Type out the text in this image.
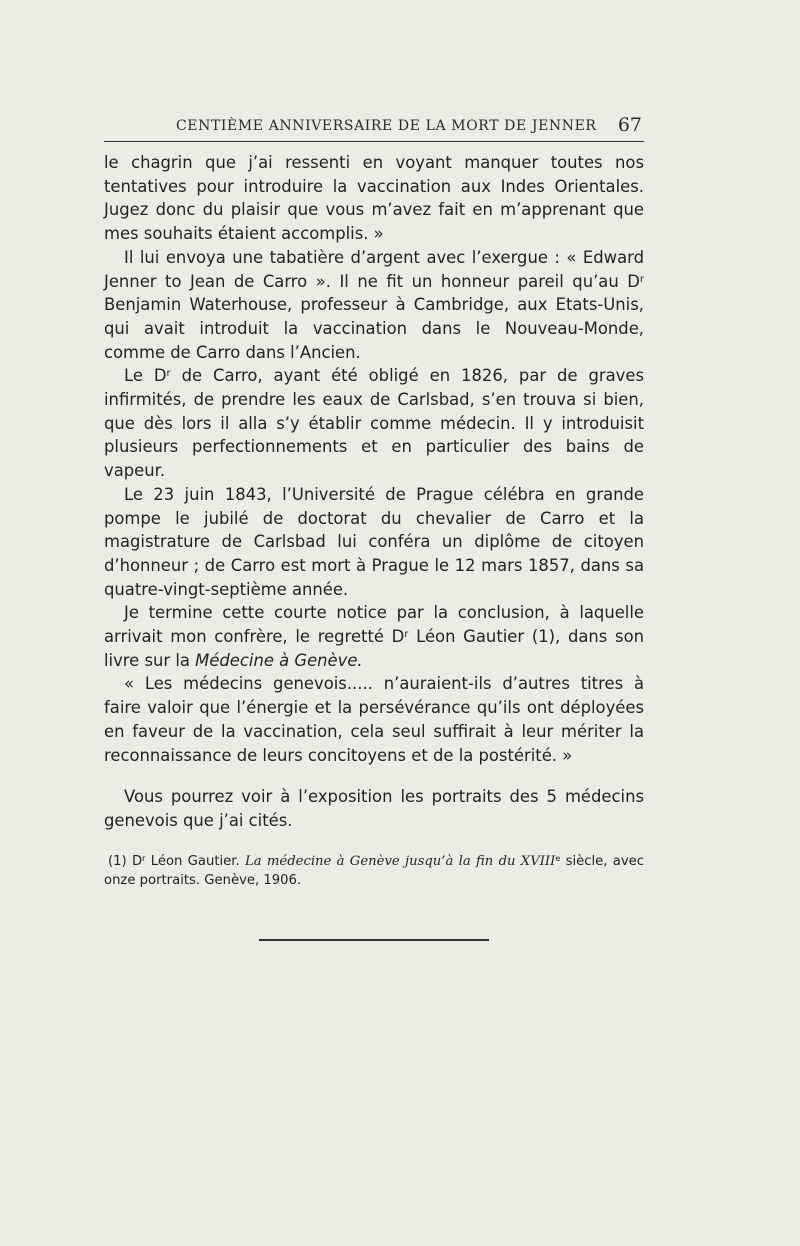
CENTIÈME ANNIVERSAIRE DE LA MORT DE JENNER 67

le chagrin que j’ai ressenti en voyant manquer toutes nos tentatives pour introduire la vaccination aux Indes Orientales. Jugez donc du plaisir que vous m’avez fait en m’apprenant que mes souhaits étaient accomplis. »

Il lui envoya une tabatière d’argent avec l’exergue : « Edward Jenner to Jean de Carro ». Il ne fit un honneur pareil qu’au $D^r$ Benjamin Waterhouse, professeur à Cambridge, aux Etats-Unis, qui avait introduit la vaccination dans le Nouveau-Monde, comme de Carro dans l’Ancien.

Le $D^r$ de Carro, ayant été obligé en 1826, par de graves infirmités, de prendre les eaux de Carlsbad, s’en trouva si bien, que dès lors il alla s’y établir comme médecin. Il y introduisit plusieurs perfectionnements et en particulier des bains de vapeur.

Le 23 juin 1843, l’Université de Prague célébra en grande pompe le jubilé de doctorat du chevalier de Carro et la magistrature de Carlsbad lui conféra un diplôme de citoyen d’honneur ; de Carro est mort à Prague le 12 mars 1857, dans sa quatre-vingt-septième année.

Je termine cette courte notice par la conclusion, à laquelle arrivait mon confrère, le regretté $D^r$ Léon Gautier (1), dans son livre sur la Médecine à Genève.

« Les médecins genevois..... n’auraient-ils d’autres titres à faire valoir que l’énergie et la persévérance qu’ils ont déployées en faveur de la vaccination, cela seul suffirait à leur mériter la reconnaissance de leurs concitoyens et de la postérité. »

Vous pourrez voir à l’exposition les portraits des 5 médecins genevois que j’ai cités.

(1) $D^r$ Léon Gautier. La médecine à Genève jusqu’à la fin du XVIIIe siècle, avec onze portraits. Genève, 1906.
